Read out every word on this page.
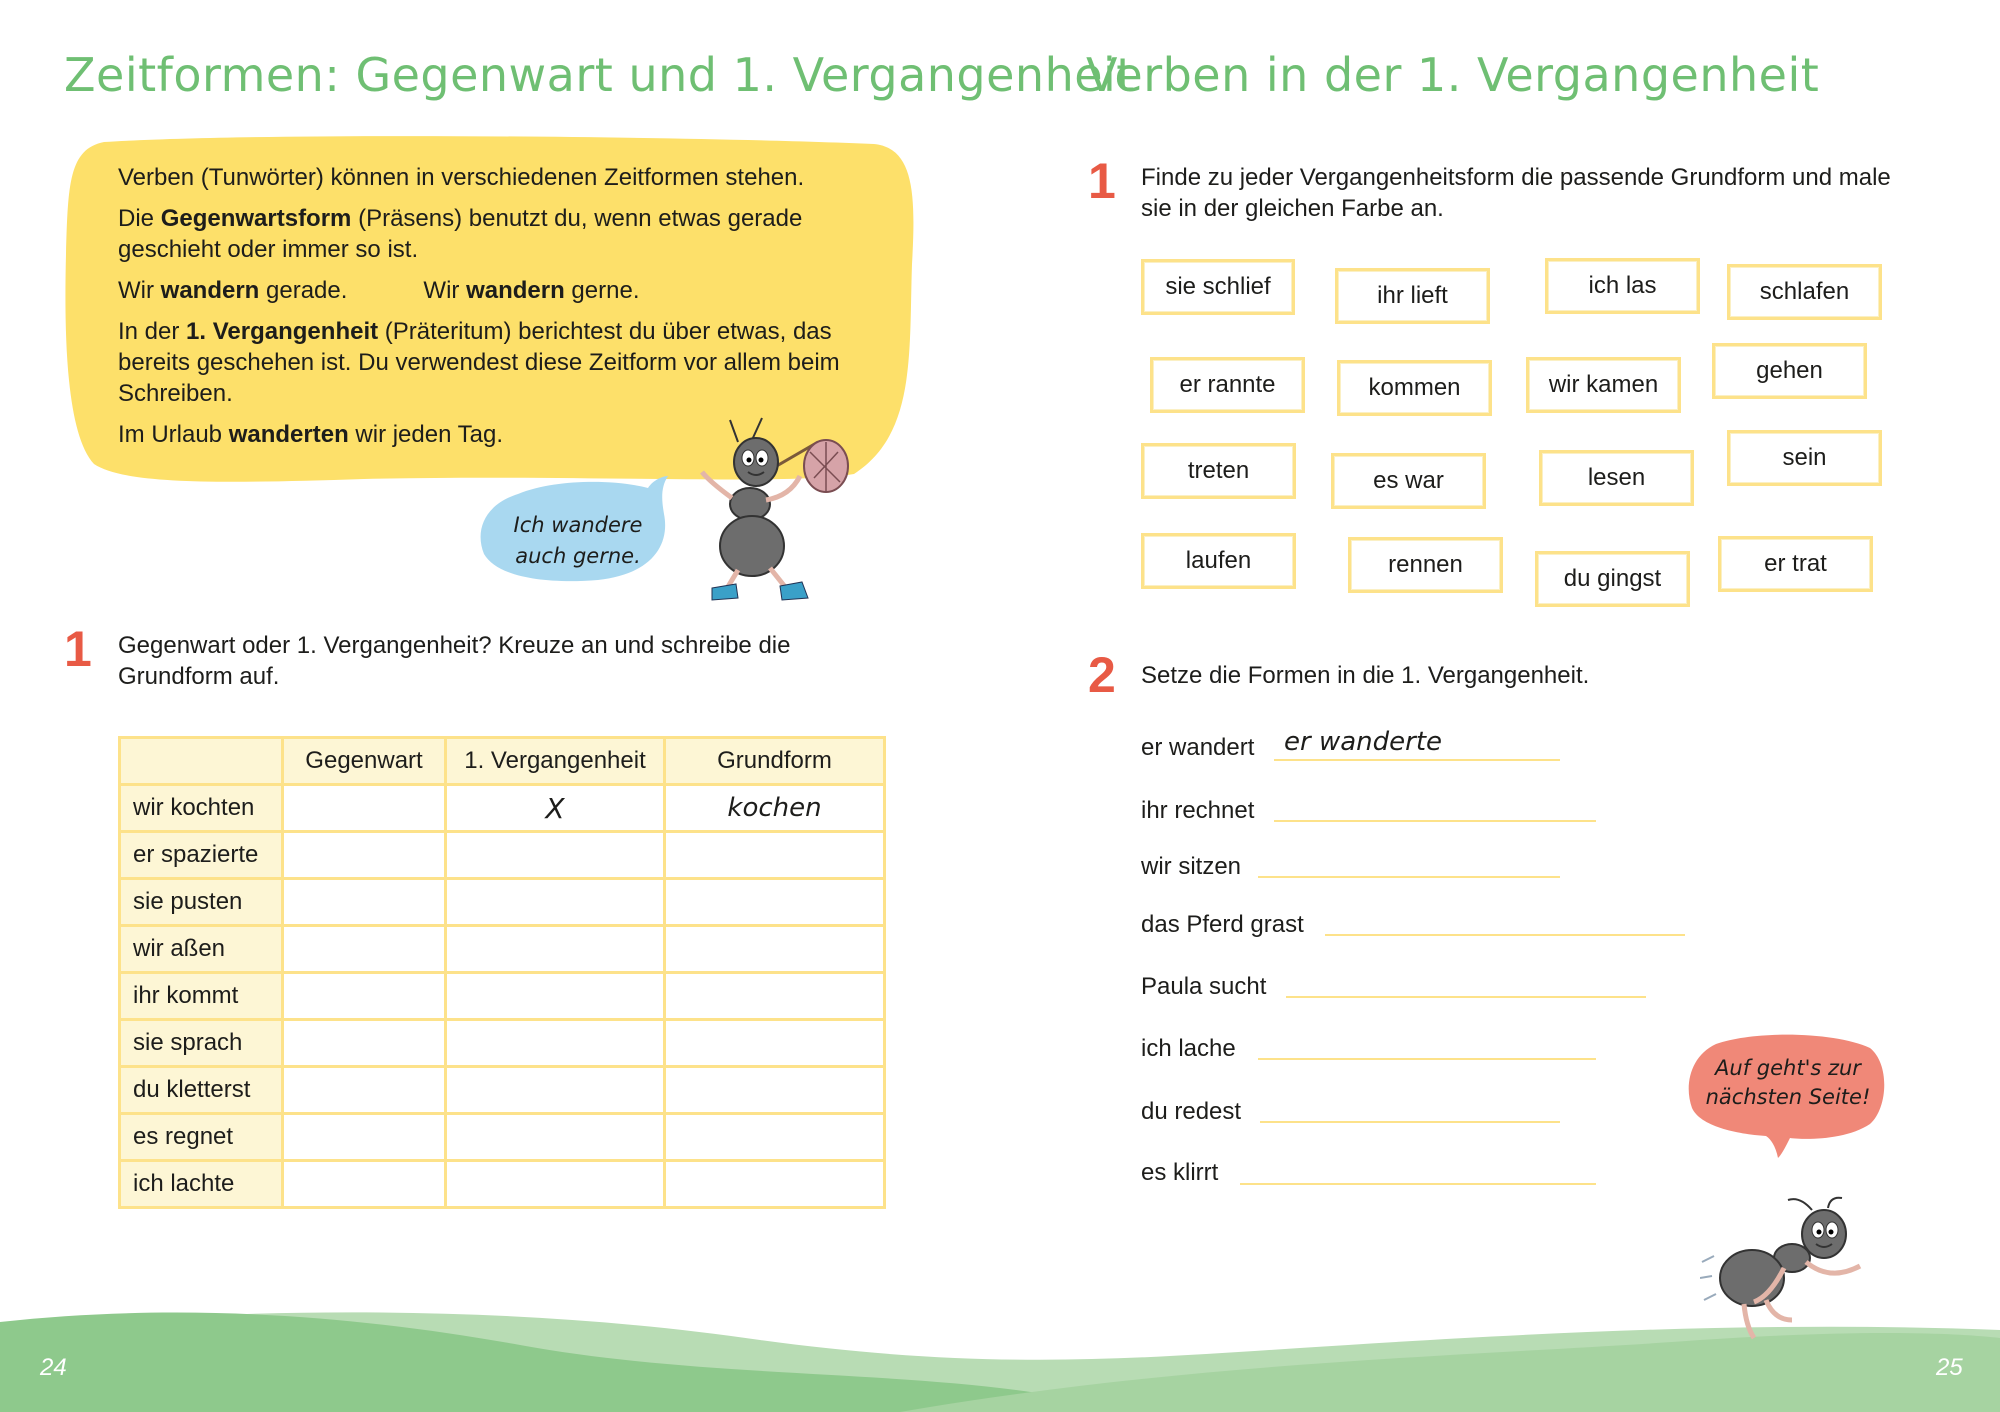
Zeitformen: Gegenwart und 1. Vergangenheit

Verben (Tunwörter) können in verschiedenen Zeitformen stehen.

Die Gegenwartsform (Präsens) benutzt du, wenn etwas gerade geschieht oder immer so ist.

Wir wandern gerade.	Wir wandern gerne.

In der 1. Vergangenheit (Präteritum) berichtest du über etwas, das bereits geschehen ist. Du verwendest diese Zeitform vor allem beim Schreiben.

Im Urlaub wanderten wir jeden Tag.

Ich wandere auch gerne.
1 Gegenwart oder 1. Vergangenheit? Kreuze an und schreibe die Grundform auf.
	Gegenwart	1. Vergangenheit	Grundform
wir kochten		X	kochen
er spazierte			
sie pusten			
wir aßen			
ihr kommt			
sie sprach			
du kletterst			
es regnet			
ich lachte			
24
Verben in der 1. Vergangenheit
1 Finde zu jeder Vergangenheitsform die passende Grundform und male sie in der gleichen Farbe an.
sie schlief	ihr lieft	ich las	schlafen
er rannte	kommen	wir kamen
gehen
treten	es war	lesen
sein
laufen	rennen
du gingst
er trat
2 Setze die Formen in die 1. Vergangenheit.
er wandert er wanderte
ihr rechnet
wir sitzen
das Pferd grast
Paula sucht
ich lache
du redest
es klirrt
Auf geht's zur nächsten Seite!
25
